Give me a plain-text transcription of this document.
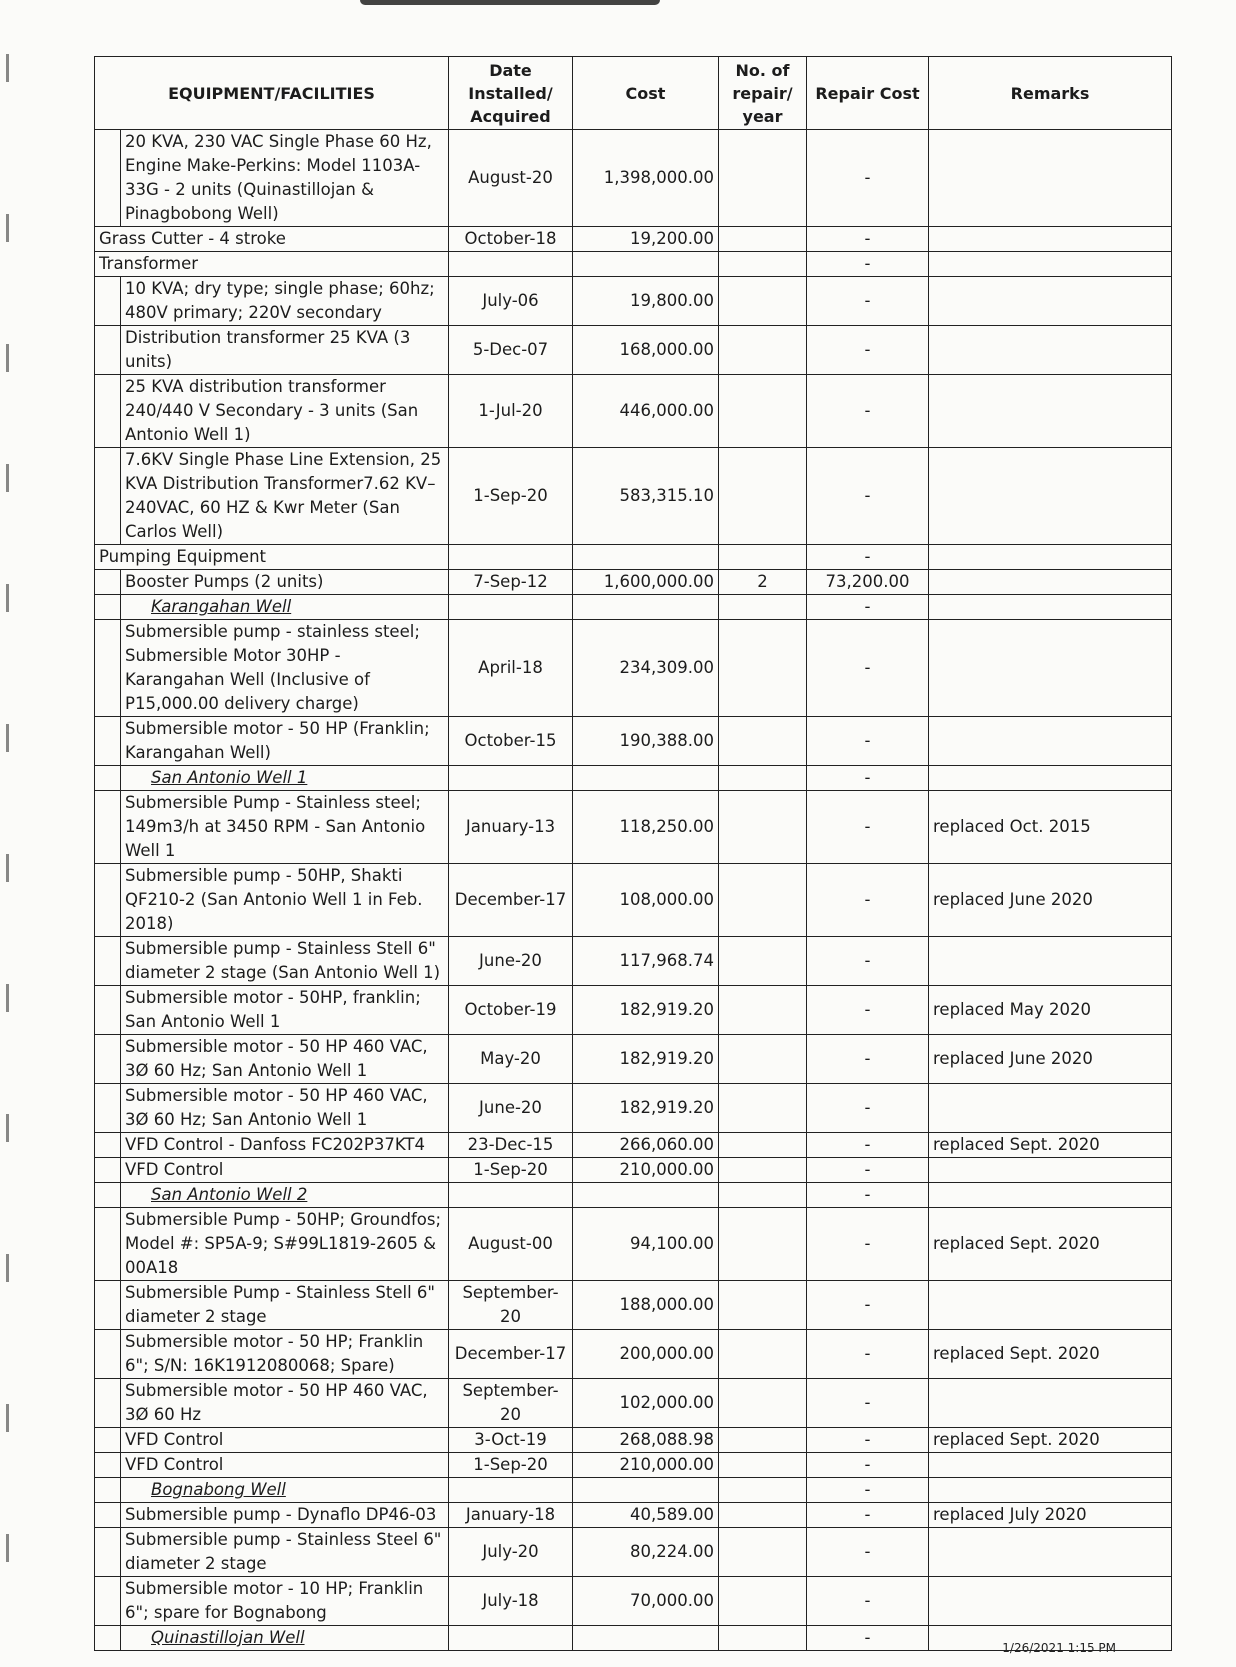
EQUIPMENT/FACILITIES		Date Installed/ Acquired	Cost	No. of repair/ year	Repair Cost	Remarks
	20 KVA, 230 VAC Single Phase 60 Hz, Engine Make-Perkins: Model 1103A-33G - 2 units (Quinastillojan & Pinagbobong Well)	August-20	1,398,000.00		-	
Grass Cutter - 4 stroke		October-18	19,200.00		-	
Transformer					-	
	10 KVA; dry type; single phase; 60hz; 480V primary; 220V secondary	July-06	19,800.00		-	
	Distribution transformer 25 KVA (3 units)	5-Dec-07	168,000.00		-	
	25 KVA distribution transformer 240/440 V Secondary - 3 units (San Antonio Well 1)	1-Jul-20	446,000.00		-	
	7.6KV Single Phase Line Extension, 25 KVA Distribution Transformer7.62 KV–240VAC, 60 HZ & Kwr Meter (San Carlos Well)	1-Sep-20	583,315.10		-	
Pumping Equipment					-	
	Booster Pumps (2 units)	7-Sep-12	1,600,000.00	2	73,200.00	
	Karangahan Well				-	
	Submersible pump - stainless steel; Submersible Motor 30HP - Karangahan Well (Inclusive of P15,000.00 delivery charge)	April-18	234,309.00		-	
	Submersible motor - 50 HP (Franklin; Karangahan Well)	October-15	190,388.00		-	
	San Antonio Well 1				-	
	Submersible Pump - Stainless steel; 149m3/h at 3450 RPM - San Antonio Well 1	January-13	118,250.00		-	replaced Oct. 2015
	Submersible pump - 50HP, Shakti QF210-2 (San Antonio Well 1 in Feb. 2018)	December-17	108,000.00		-	replaced June 2020
	Submersible pump - Stainless Stell 6" diameter 2 stage (San Antonio Well 1)	June-20	117,968.74		-	
	Submersible motor - 50HP, franklin; San Antonio Well 1	October-19	182,919.20		-	replaced May 2020
	Submersible motor - 50 HP 460 VAC, 3Ø 60 Hz; San Antonio Well 1	May-20	182,919.20		-	replaced June 2020
	Submersible motor - 50 HP 460 VAC, 3Ø 60 Hz; San Antonio Well 1	June-20	182,919.20		-	
	VFD Control - Danfoss FC202P37KT4	23-Dec-15	266,060.00		-	replaced Sept. 2020
	VFD Control	1-Sep-20	210,000.00		-	
	San Antonio Well 2				-	
	Submersible Pump - 50HP; Groundfos; Model #: SP5A-9; S#99L1819-2605 & 00A18	August-00	94,100.00		-	replaced Sept. 2020
	Submersible Pump - Stainless Stell 6" diameter 2 stage	September-20	188,000.00		-	
	Submersible motor - 50 HP; Franklin 6"; S/N: 16K1912080068; Spare)	December-17	200,000.00		-	replaced Sept. 2020
	Submersible motor - 50 HP 460 VAC, 3Ø 60 Hz	September-20	102,000.00		-	
	VFD Control	3-Oct-19	268,088.98		-	replaced Sept. 2020
	VFD Control	1-Sep-20	210,000.00		-	
	Bognabong Well				-	
	Submersible pump - Dynaflo DP46-03	January-18	40,589.00		-	replaced July 2020
	Submersible pump - Stainless Steel 6" diameter 2 stage	July-20	80,224.00		-	
	Submersible motor - 10 HP; Franklin 6"; spare for Bognabong	July-18	70,000.00		-	
	Quinastillojan Well				-	
1/26/2021 1:15 PM
